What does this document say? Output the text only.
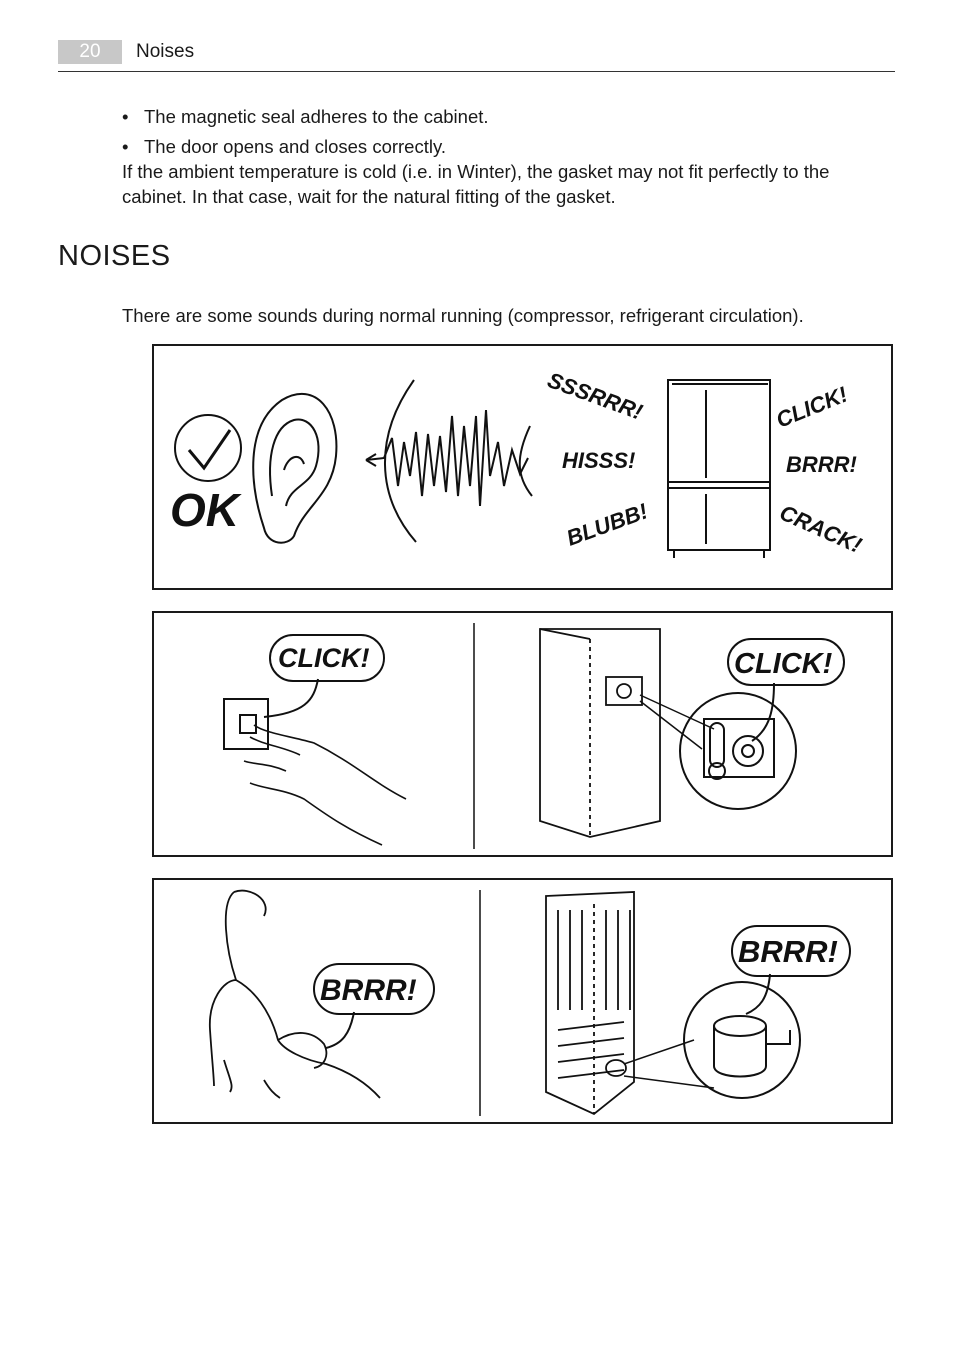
20	Noises
• The magnetic seal adheres to the cabinet.
• The door opens and closes correctly.

If the ambient temperature is cold (i.e. in Winter), the gasket may not fit perfectly to the cabinet. In that case, wait for the natural fitting of the gasket.

NOISES

There are some sounds during normal running (compressor, refrigerant circulation).

OK
SSSRRR!
HISSS!
BLUBB!
CLICK!
BRRR!
CRACK!
CLICK!	CLICK!
BRRR!
BRRR!
